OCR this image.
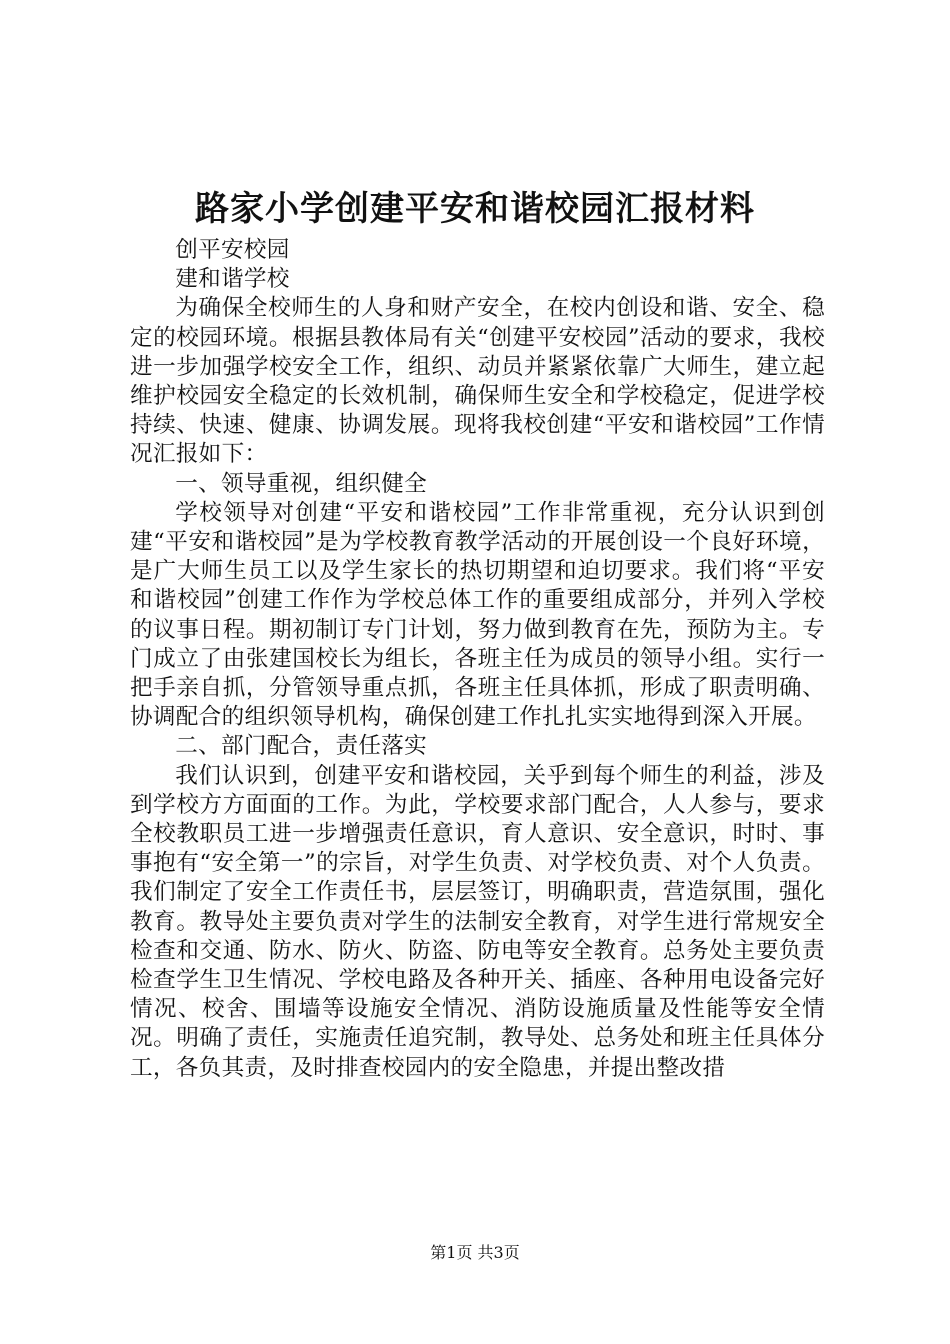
路家小学创建平安和谐校园汇报材料

创平安校园

建和谐学校

为确保全校师生的人身和财产安全，在校内创设和谐、安全、稳定的校园环境。根据县教体局有关“创建平安校园”活动的要求，我校进一步加强学校安全工作，组织、动员并紧紧依靠广大师生，建立起维护校园安全稳定的长效机制，确保师生安全和学校稳定，促进学校持续、快速、健康、协调发展。现将我校创建“平安和谐校园”工作情况汇报如下：

一、领导重视，组织健全

学校领导对创建“平安和谐校园”工作非常重视，充分认识到创建“平安和谐校园”是为学校教育教学活动的开展创设一个良好环境，是广大师生员工以及学生家长的热切期望和迫切要求。我们将“平安和谐校园”创建工作作为学校总体工作的重要组成部分，并列入学校的议事日程。期初制订专门计划，努力做到教育在先，预防为主。专门成立了由张建国校长为组长，各班主任为成员的领导小组。实行一把手亲自抓，分管领导重点抓，各班主任具体抓，形成了职责明确、协调配合的组织领导机构，确保创建工作扎扎实实地得到深入开展。

二、部门配合，责任落实

我们认识到，创建平安和谐校园，关乎到每个师生的利益，涉及到学校方方面面的工作。为此，学校要求部门配合，人人参与，要求全校教职员工进一步增强责任意识，育人意识、安全意识，时时、事事抱有“安全第一”的宗旨，对学生负责、对学校负责、对个人负责。我们制定了安全工作责任书，层层签订，明确职责，营造氛围，强化教育。教导处主要负责对学生的法制安全教育，对学生进行常规安全检查和交通、防水、防火、防盗、防电等安全教育。总务处主要负责检查学生卫生情况、学校电路及各种开关、插座、各种用电设备完好情况、校舍、围墙等设施安全情况、消防设施质量及性能等安全情况。明确了责任，实施责任追究制，教导处、总务处和班主任具体分工，各负其责，及时排查校园内的安全隐患，并提出整改措

第1页 共3页
